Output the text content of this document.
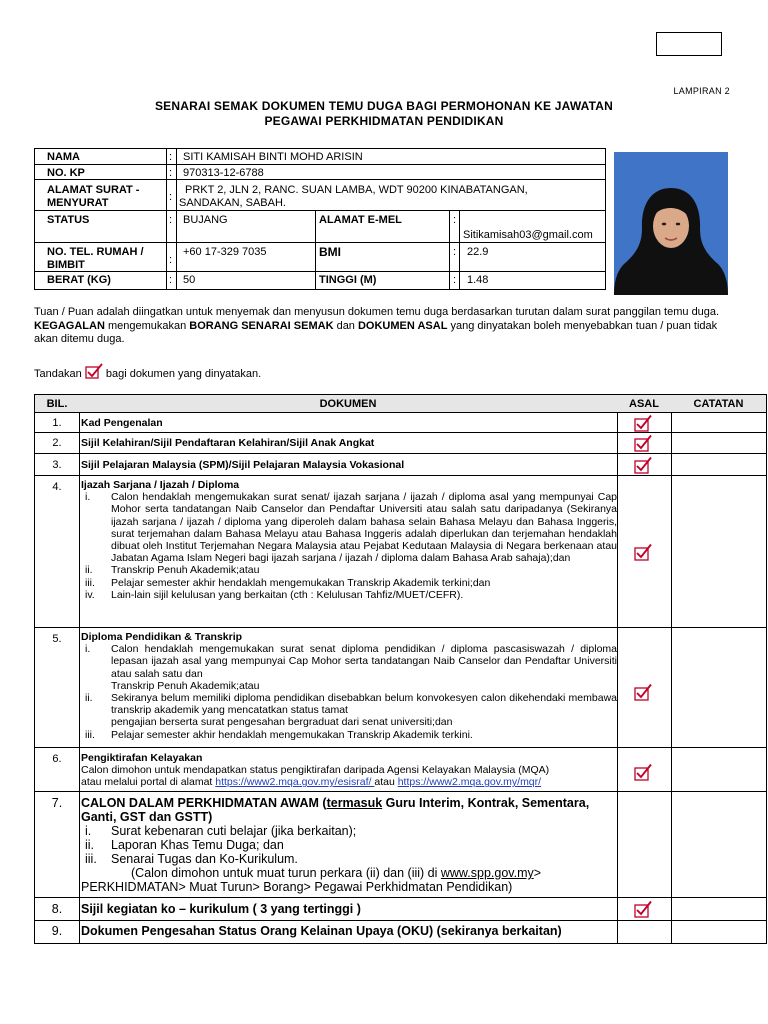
LAMPIRAN 2
SENARAI SEMAK DOKUMEN TEMU DUGA BAGI PERMOHONAN KE JAWATAN
PEGAWAI PERKHIDMATAN PENDIDIKAN
NAMA	: SITI KAMISAH BINTI MOHD ARISIN
NO. KP	: 970313-12-6788
ALAMAT SURAT - MENYURAT	:
PRKT 2, JLN 2, RANC. SUAN LAMBA, WDT 90200 KINABATANGAN, SANDAKAN, SABAH.
STATUS	: BUJANG	ALAMAT E-MEL	:
Sitikamisah03@gmail.com
NO. TEL. RUMAH / BIMBIT	:
+60 17-329 7035	BMI	: 22.9
BERAT (KG)	: 50	TINGGI (M)	: 1.48
Tuan / Puan adalah diingatkan untuk menyemak dan menyusun dokumen temu duga berdasarkan turutan dalam surat panggilan temu duga. KEGAGALAN mengemukakan BORANG SENARAI SEMAK dan DOKUMEN ASAL yang dinyatakan boleh menyebabkan tuan / puan tidak akan ditemu duga.
Tandakan bagi dokumen yang dinyatakan.
BIL.	DOKUMEN	ASAL	CATATAN
1.	Kad Pengenalan
2.	Sijil Kelahiran/Sijil Pendaftaran Kelahiran/Sijil Anak Angkat
3.	Sijil Pelajaran Malaysia (SPM)/Sijil Pelajaran Malaysia Vokasional
4.	Ijazah Sarjana / Ijazah / Diploma
i. Calon hendaklah mengemukakan surat senat/ ijazah sarjana / ijazah / diploma asal yang mempunyai Cap Mohor serta tandatangan Naib Canselor dan Pendaftar Universiti atau salah satu daripadanya (Sekiranya ijazah sarjana / ijazah / diploma yang diperoleh dalam bahasa selain Bahasa Melayu dan Bahasa Inggeris, surat terjemahan dalam Bahasa Melayu atau Bahasa Inggeris adalah diperlukan dan terjemahan hendaklah dibuat oleh Institut Terjemahan Negara Malaysia atau Pejabat Kedutaan Malaysia di Negara berkenaan atau Jabatan Agama Islam Negeri bagi ijazah sarjana / ijazah / diploma dalam Bahasa Arab sahaja);dan
ii. Transkrip Penuh Akademik;atau
iii. Pelajar semester akhir hendaklah mengemukakan Transkrip Akademik terkini;dan
iv. Lain-lain sijil kelulusan yang berkaitan (cth : Kelulusan Tahfiz/MUET/CEFR).
5.	Diploma Pendidikan & Transkrip
i. Calon hendaklah mengemukakan surat senat diploma pendidikan / diploma pascasiswazah / diploma lepasan ijazah asal yang mempunyai Cap Mohor serta tandatangan Naib Canselor dan Pendaftar Universiti atau salah satu dan
Transkrip Penuh Akademik;atau
ii. Sekiranya belum memiliki diploma pendidikan disebabkan belum konvokesyen calon dikehendaki membawa transkrip akademik yang mencatatkan status tamat
pengajian berserta surat pengesahan bergraduat dari senat universiti;dan
iii. Pelajar semester akhir hendaklah mengemukakan Transkrip Akademik terkini.
6.	Pengiktirafan Kelayakan
Calon dimohon untuk mendapatkan status pengiktirafan daripada Agensi Kelayakan Malaysia (MQA)
atau melalui portal di alamat https://www2.mqa.gov.my/esisraf/ atau https://www2.mqa.gov.my/mqr/
7.	CALON DALAM PERKHIDMATAN AWAM (termasuk Guru Interim, Kontrak, Sementara, Ganti, GST dan GSTT)
i. Surat kebenaran cuti belajar (jika berkaitan);
ii. Laporan Khas Temu Duga; dan
iii. Senarai Tugas dan Ko-Kurikulum.
(Calon dimohon untuk muat turun perkara (ii) dan (iii) di www.spp.gov.my>
PERKHIDMATAN> Muat Turun> Borang> Pegawai Perkhidmatan Pendidikan)
8.	Sijil kegiatan ko – kurikulum ( 3 yang tertinggi )
9.	Dokumen Pengesahan Status Orang Kelainan Upaya (OKU) (sekiranya berkaitan)
